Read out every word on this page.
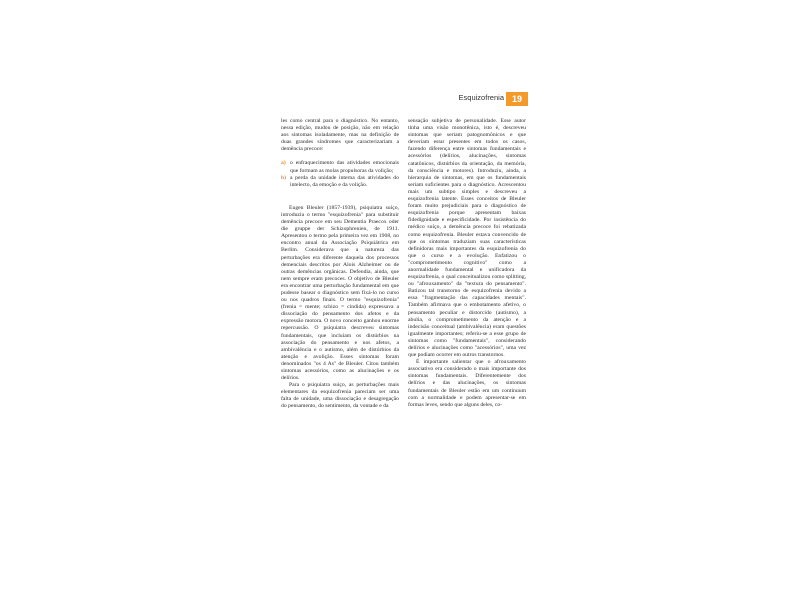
Esquizofrenia 19

les como central para o diagnóstico. No entanto, nessa edição, mudou de posição, não em relação aos sintomas isoladamente, mas na definição de duas grandes síndromes que caracterizariam a demência precoce:

a) o enfraquecimento das atividades emocionais que formam as molas propulsoras da volição;
b) a perda da unidade interna das atividades do intelecto, da emoção e da volição.

Eugen Bleuler (1857-1939), psiquiatra suíço, introduziu o termo "esquizofrenia" para substituir demência precoce em seu Dementia Praecox oder die gruppe der Schizophrenien, de 1911. Apresentou o termo pela primeira vez em 1908, no encontro anual da Associação Psiquiátrica em Berlim. Considerava que a natureza das perturbações era diferente daquela dos processos demenciais descritos por Alois Alzheimer ou de outras demências orgânicas. Defendia, ainda, que nem sempre eram precoces. O objetivo de Bleuler era encontrar uma perturbação fundamental em que pudesse basear o diagnóstico sem fixá-lo no curso ou nos quadros finais. O termo "esquizofrenia" (frenia = mente; schizo = cindida) expressava a dissociação do pensamento dos afetos e da expressão motora. O novo conceito ganhou enorme repercussão. O psiquiatra descreveu sintomas fundamentais, que incluíam os distúrbios na associação do pensamento e nos afetos, a ambivalência e o autismo, além de distúrbios da atenção e avolição. Esses sintomas foram denominados "os 4 As" de Bleuler. Citou também sintomas acessórios, como as alucinações e os delírios.

Para o psiquiatra suíço, as perturbações mais elementares da esquizofrenia pareciam ser uma falta de unidade, uma dissociação e desagregação do pensamento, do sentimento, da vontade e da

sensação subjetiva de personalidade. Esse autor tinha uma visão monotênica, isto é, descreveu sintomas que seriam patognomônicos e que deveriam estar presentes em todos os casos, fazendo diferença entre sintomas fundamentais e acessórios (delírios, alucinações, sintomas catatônicos, distúrbios da orientação, da memória, da consciência e motores). Introduziu, ainda, a hierarquia de sintomas, em que os fundamentais seriam suficientes para o diagnóstico. Acrescentou mais um subtipo simples e descreveu a esquizofrenia latente. Esses conceitos de Bleuler foram muito prejudiciais para o diagnóstico de esquizofrenia porque apresentam baixas fidedignidade e especificidade. Por insistência do médico suíço, a demência precoce foi rebatizada como esquizofrenia. Bleuler estava convencido de que os sintomas traduziam suas características definidoras mais importantes da esquizofrenia do que o curso e a evolução. Enfatizou o "comprometimento cognitivo" como a anormalidade fundamental e unificadora da esquizofrenia, o qual conceitualizou como splitting, ou "afrouxamento" da "textura do pensamento". Batizou tal transtorno de esquizofrenia devido a essa "fragmentação das capacidades mentais". Também afirmava que o embotamento afetivo, o pensamento peculiar e distorcido (autismo), a abulia, o comprometimento da atenção e a indecisão conceitual (ambivalência) eram questões igualmente importantes; referiu-se a esse grupo de sintomas como "fundamentais", considerando delírios e alucinações como "acessórios", uma vez que podiam ocorrer em outros transtornos.

É importante salientar que o afrouxamento associativo era considerado o mais importante dos sintomas fundamentais. Diferentemente dos delírios e das alucinações, os sintomas fundamentais de Bleuler estão em um continuum com a normalidade e podem apresentar-se em formas leves, sendo que alguns deles, co-
